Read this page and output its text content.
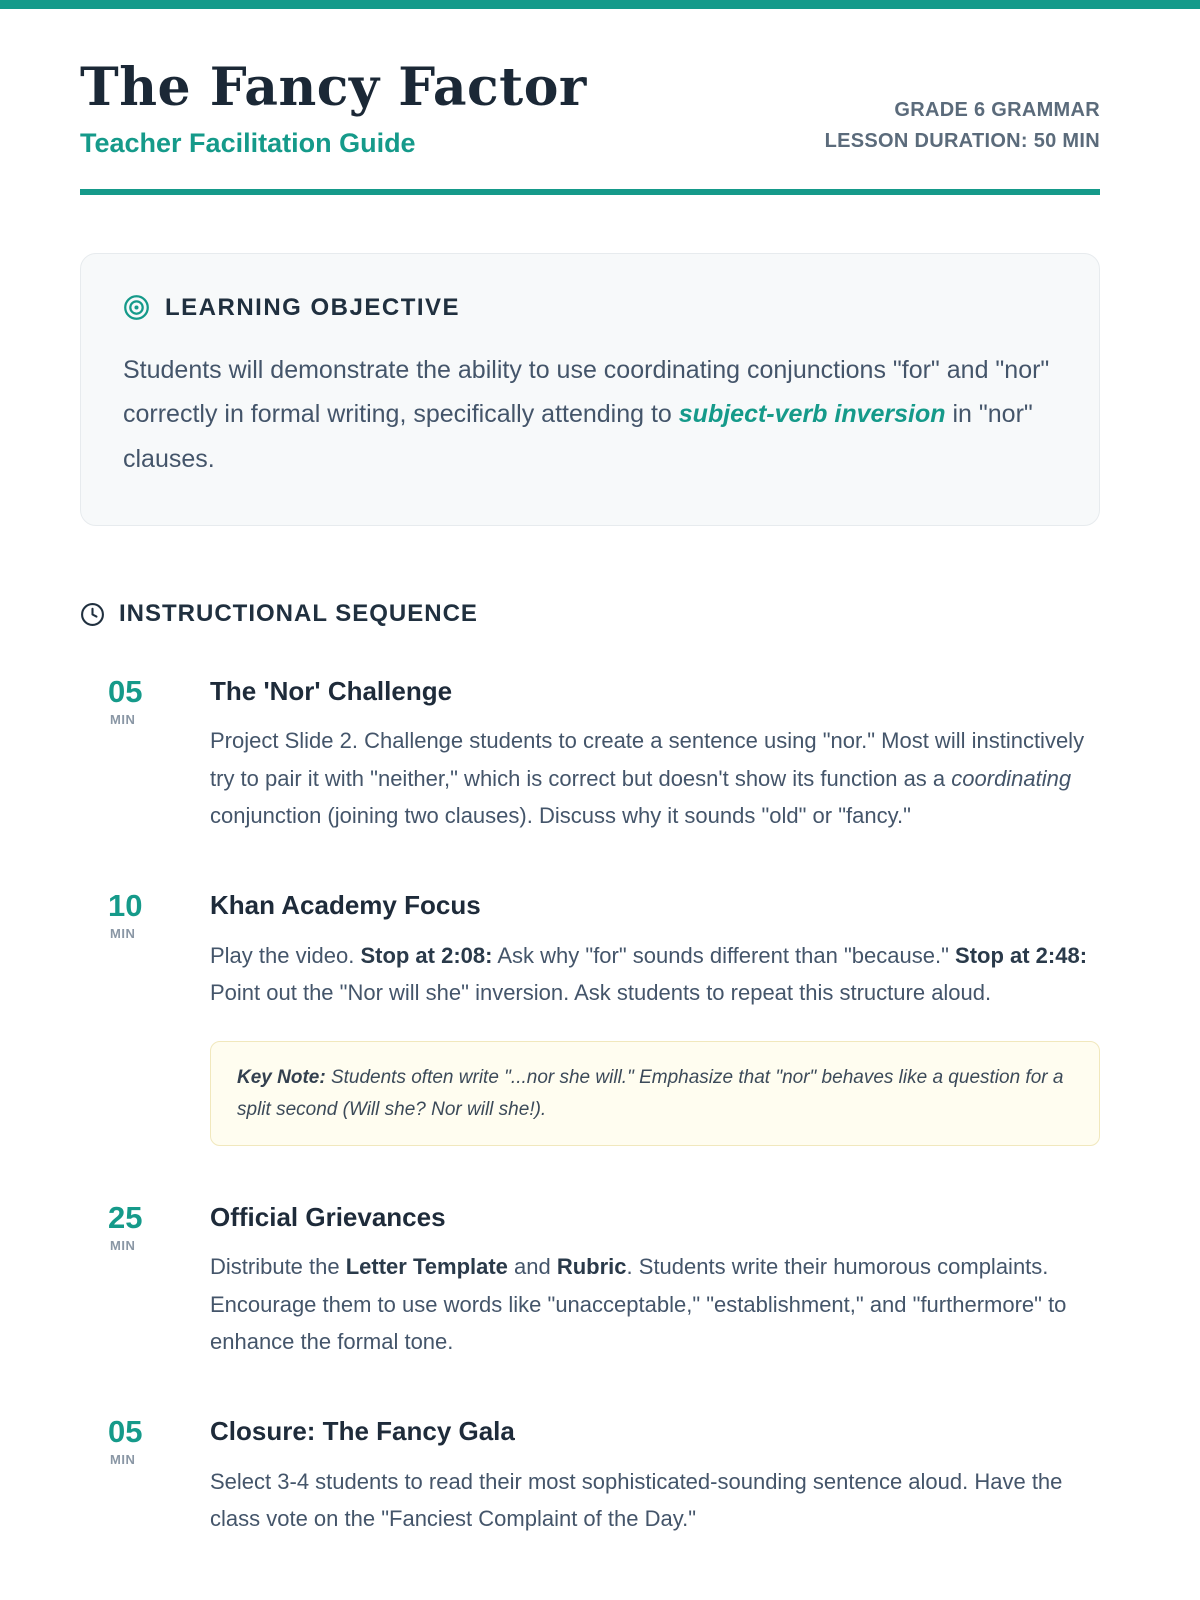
The Fancy Factor
Teacher Facilitation Guide
GRADE 6 GRAMMAR
LESSON DURATION: 50 MIN
LEARNING OBJECTIVE

Students will demonstrate the ability to use coordinating conjunctions "for" and "nor" correctly in formal writing, specifically attending to subject-verb inversion in "nor" clauses.

INSTRUCTIONAL SEQUENCE
05
MIN
The 'Nor' Challenge

Project Slide 2. Challenge students to create a sentence using "nor." Most will instinctively try to pair it with "neither," which is correct but doesn't show its function as a coordinating conjunction (joining two clauses). Discuss why it sounds "old" or "fancy."

10
MIN
Khan Academy Focus

Play the video. Stop at 2:08: Ask why "for" sounds different than "because." Stop at 2:48: Point out the "Nor will she" inversion. Ask students to repeat this structure aloud.

Key Note: Students often write "...nor she will." Emphasize that "nor" behaves like a question for a split second (Will she? Nor will she!).
25
MIN
Official Grievances

Distribute the Letter Template and Rubric. Students write their humorous complaints. Encourage them to use words like "unacceptable," "establishment," and "furthermore" to enhance the formal tone.

05
MIN
Closure: The Fancy Gala

Select 3-4 students to read their most sophisticated-sounding sentence aloud. Have the class vote on the "Fanciest Complaint of the Day."
